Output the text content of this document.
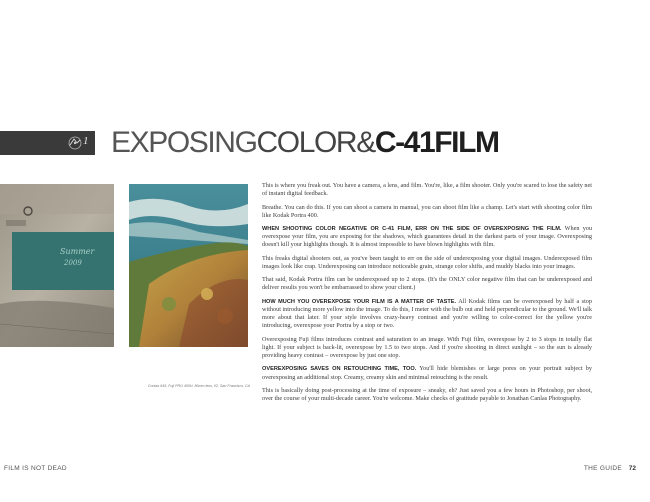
1 EXPOSINGCOLOR&C-41FILM
Summer
2009
Contax 645, Fuji PRO 400H, 80mm lens, f/2, San Francisco, CA

This is where you freak out. You have a camera, a lens, and film. You're, like, a film shooter. Only you're scared to lose the safety net of instant digital feedback.

Breathe. You can do this. If you can shoot a camera in manual, you can shoot film like a champ. Let's start with shooting color film like Kodak Portra 400.

WHEN SHOOTING COLOR NEGATIVE OR C-41 FILM, ERR ON THE SIDE OF OVEREXPOSING THE FILM. When you overexpose your film, you are exposing for the shadows, which guarantees detail in the darkest parts of your image. Overexposing doesn't kill your highlights though. It is almost impossible to have blown highlights with film.

This freaks digital shooters out, as you've been taught to err on the side of underexposing your digital images. Underexposed film images look like crap. Underexposing can introduce noticeable grain, strange color shifts, and muddy blacks into your images.

That said, Kodak Portra film can be underexposed up to 2 stops. (It's the ONLY color negative film that can be underexposed and deliver results you won't be embarrassed to show your client.)

HOW MUCH YOU OVEREXPOSE YOUR FILM IS A MATTER OF TASTE. All Kodak films can be overexposed by half a stop without introducing more yellow into the image. To do this, I meter with the bulb out and held perpendicular to the ground. We'll talk more about that later. If your style involves crazy-heavy contrast and you're willing to color-correct for the yellow you're introducing, overexpose your Portra by a stop or two.

Overexposing Fuji films introduces contrast and saturation to an image. With Fuji film, overexpose by 2 to 3 stops in totally flat light. If your subject is back-lit, overexpose by 1.5 to two stops. And if you're shooting in direct sunlight – so the sun is already providing heavy contrast – overexpose by just one stop.

OVEREXPOSING SAVES ON RETOUCHING TIME, TOO. You'll hide blemishes or large pores on your portrait subject by overexposing an additional stop. Creamy, creamy skin and minimal retouching is the result.

This is basically doing post-processing at the time of exposure – sneaky, eh? Just saved you a few hours in Photoshop, per shoot, over the course of your multi-decade career. You're welcome. Make checks of gratitude payable to Jonathan Canlas Photography.

FILM IS NOT DEAD	THE GUIDE 72
